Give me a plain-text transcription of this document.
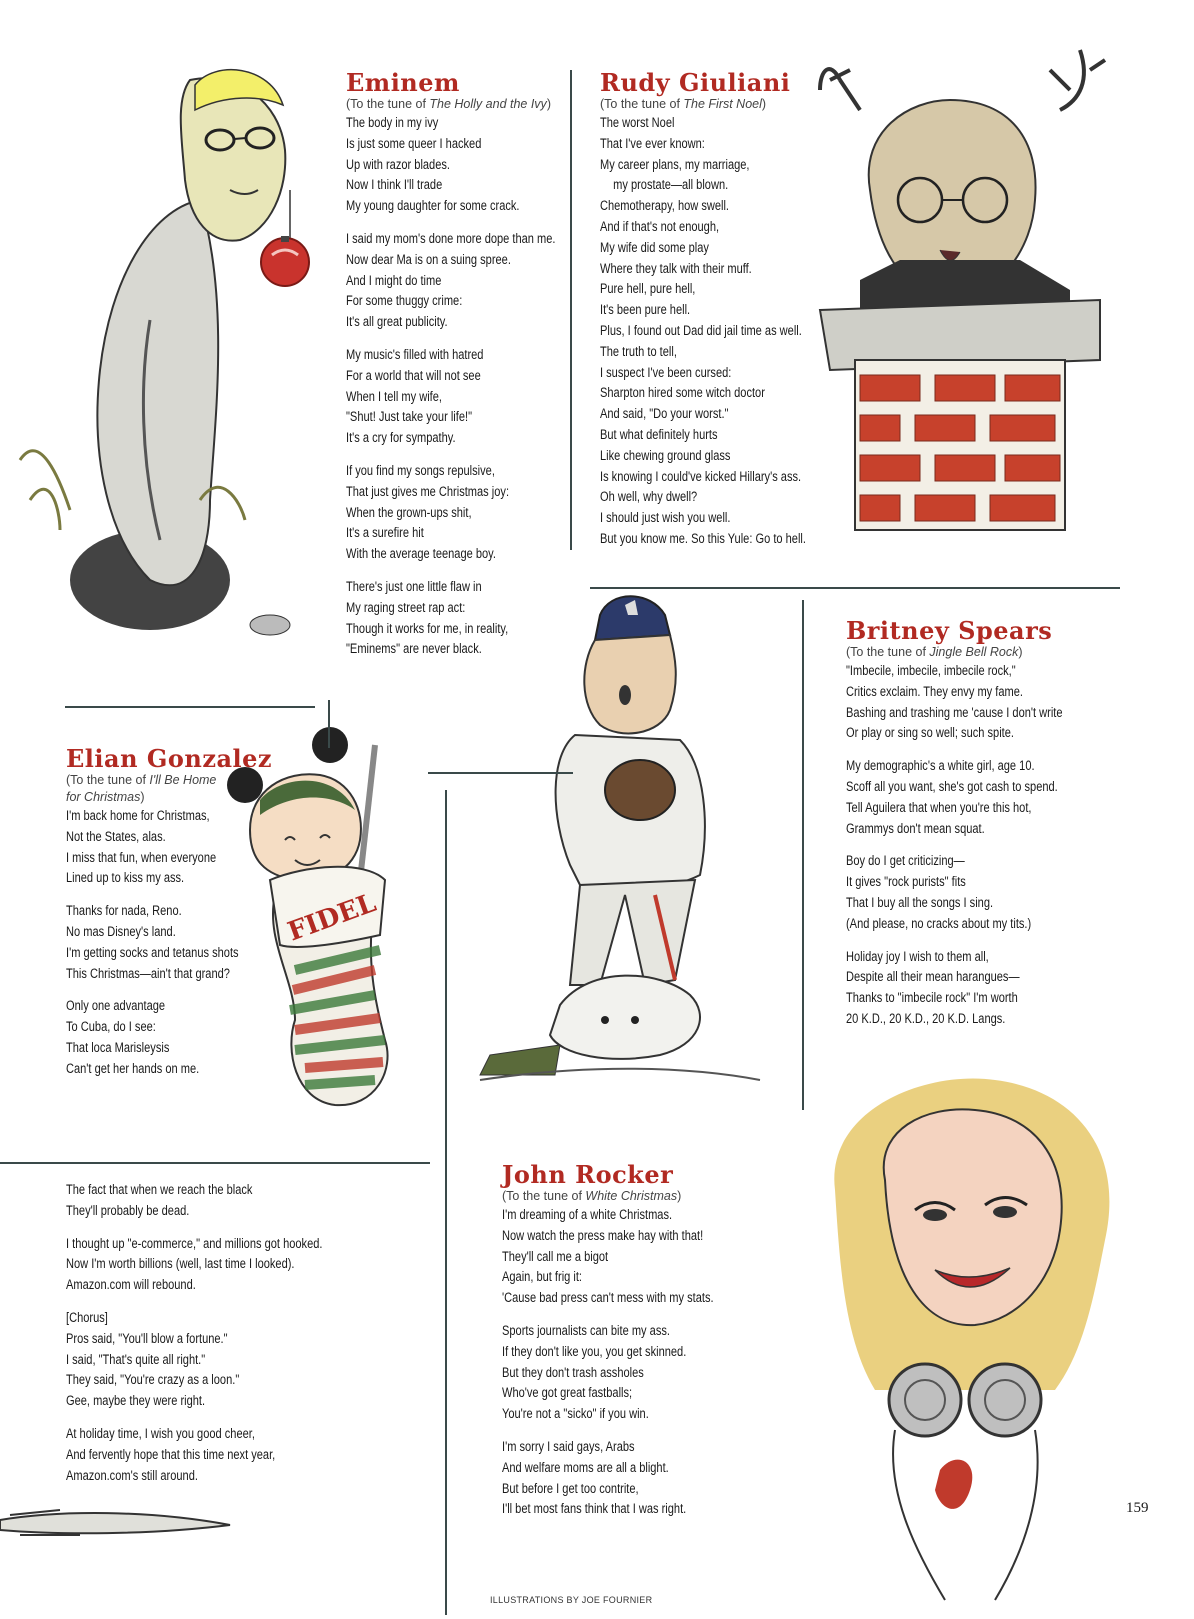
FIDEL
Eminem
(To the tune of The Holly and the Ivy)
The body in my ivy
Is just some queer I hacked
Up with razor blades.
Now I think I'll trade
My young daughter for some crack.
I said my mom's done more dope than me.
Now dear Ma is on a suing spree.
And I might do time
For some thuggy crime:
It's all great publicity.
My music's filled with hatred
For a world that will not see
When I tell my wife,
"Shut! Just take your life!"
It's a cry for sympathy.
If you find my songs repulsive,
That just gives me Christmas joy:
When the grown-ups shit,
It's a surefire hit
With the average teenage boy.
There's just one little flaw in
My raging street rap act:
Though it works for me, in reality,
"Eminems" are never black.
Rudy Giuliani
(To the tune of The First Noel)
The worst Noel
That I've ever known:
My career plans, my marriage,
my prostate—all blown.
Chemotherapy, how swell.
And if that's not enough,
My wife did some play
Where they talk with their muff.
Pure hell, pure hell,
It's been pure hell.
Plus, I found out Dad did jail time as well.
The truth to tell,
I suspect I've been cursed:
Sharpton hired some witch doctor
And said, "Do your worst."
But what definitely hurts
Like chewing ground glass
Is knowing I could've kicked Hillary's ass.
Oh well, why dwell?
I should just wish you well.
But you know me. So this Yule: Go to hell.
Britney Spears
(To the tune of Jingle Bell Rock)
"Imbecile, imbecile, imbecile rock,"
Critics exclaim. They envy my fame.
Bashing and trashing me 'cause I don't write
Or play or sing so well; such spite.
My demographic's a white girl, age 10.
Scoff all you want, she's got cash to spend.
Tell Aguilera that when you're this hot,
Grammys don't mean squat.
Boy do I get criticizing—
It gives "rock purists" fits
That I buy all the songs I sing.
(And please, no cracks about my tits.)
Holiday joy I wish to them all,
Despite all their mean harangues—
Thanks to "imbecile rock" I'm worth
20 K.D., 20 K.D., 20 K.D. Langs.
Elian Gonzalez
(To the tune of I'll Be Home
for Christmas)
I'm back home for Christmas,
Not the States, alas.
I miss that fun, when everyone
Lined up to kiss my ass.
Thanks for nada, Reno.
No mas Disney's land.
I'm getting socks and tetanus shots
This Christmas—ain't that grand?
Only one advantage
To Cuba, do I see:
That loca Marisleysis
Can't get her hands on me.
The fact that when we reach the black
They'll probably be dead.
I thought up "e-commerce," and millions got hooked.
Now I'm worth billions (well, last time I looked).
Amazon.com will rebound.
[Chorus]
Pros said, "You'll blow a fortune."
I said, "That's quite all right."
They said, "You're crazy as a loon."
Gee, maybe they were right.
At holiday time, I wish you good cheer,
And fervently hope that this time next year,
Amazon.com's still around.
John Rocker
(To the tune of White Christmas)
I'm dreaming of a white Christmas.
Now watch the press make hay with that!
They'll call me a bigot
Again, but frig it:
'Cause bad press can't mess with my stats.
Sports journalists can bite my ass.
If they don't like you, you get skinned.
But they don't trash assholes
Who've got great fastballs;
You're not a "sicko" if you win.
I'm sorry I said gays, Arabs
And welfare moms are all a blight.
But before I get too contrite,
I'll bet most fans think that I was right.	159
ILLUSTRATIONS BY JOE FOURNIER
